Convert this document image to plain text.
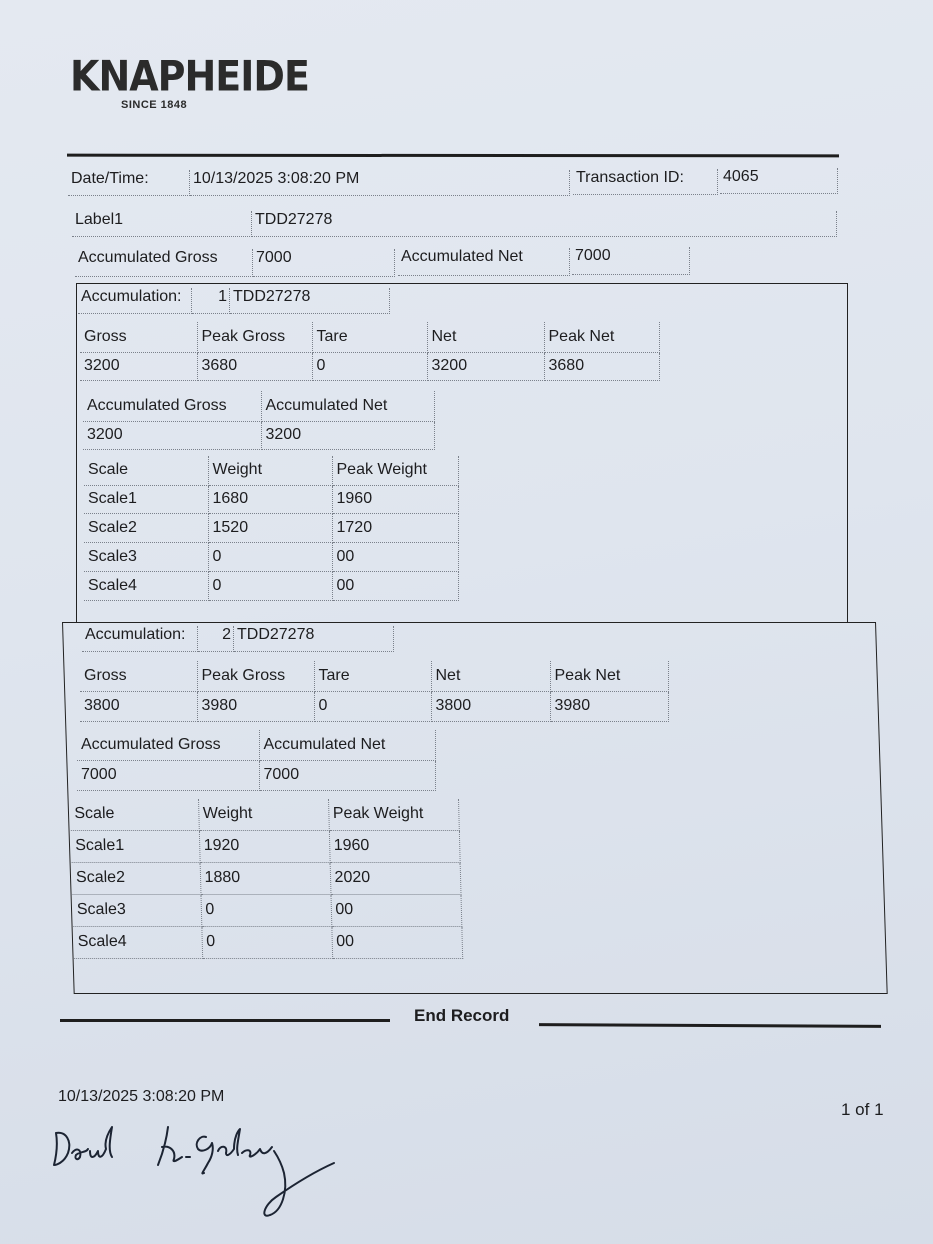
KNAPHEIDE
SINCE 1848
Date/Time:	10/13/2025 3:08:20 PM	Transaction ID:	4065
Label1	TDD27278
Accumulated Gross	7000	Accumulated Net	7000
Accumulation:	1 TDD27278
Gross	Peak Gross	Tare	Net	Peak Net
3200	3680	0	3200	3680
Accumulated Gross	Accumulated Net
3200	3200
Scale	Weight	Peak Weight
Scale1	1680	1960
Scale2	1520	1720
Scale3	0	00
Scale4	0	00
Accumulation:	2 TDD27278
Gross	Peak Gross	Tare	Net	Peak Net
3800	3980	0	3800	3980
Accumulated Gross	Accumulated Net
7000	7000
Scale	Weight	Peak Weight
Scale1	1920	1960
Scale2	1880	2020
Scale3	0	00
Scale4	0	00
End Record
10/13/2025 3:08:20 PM
1 of 1
